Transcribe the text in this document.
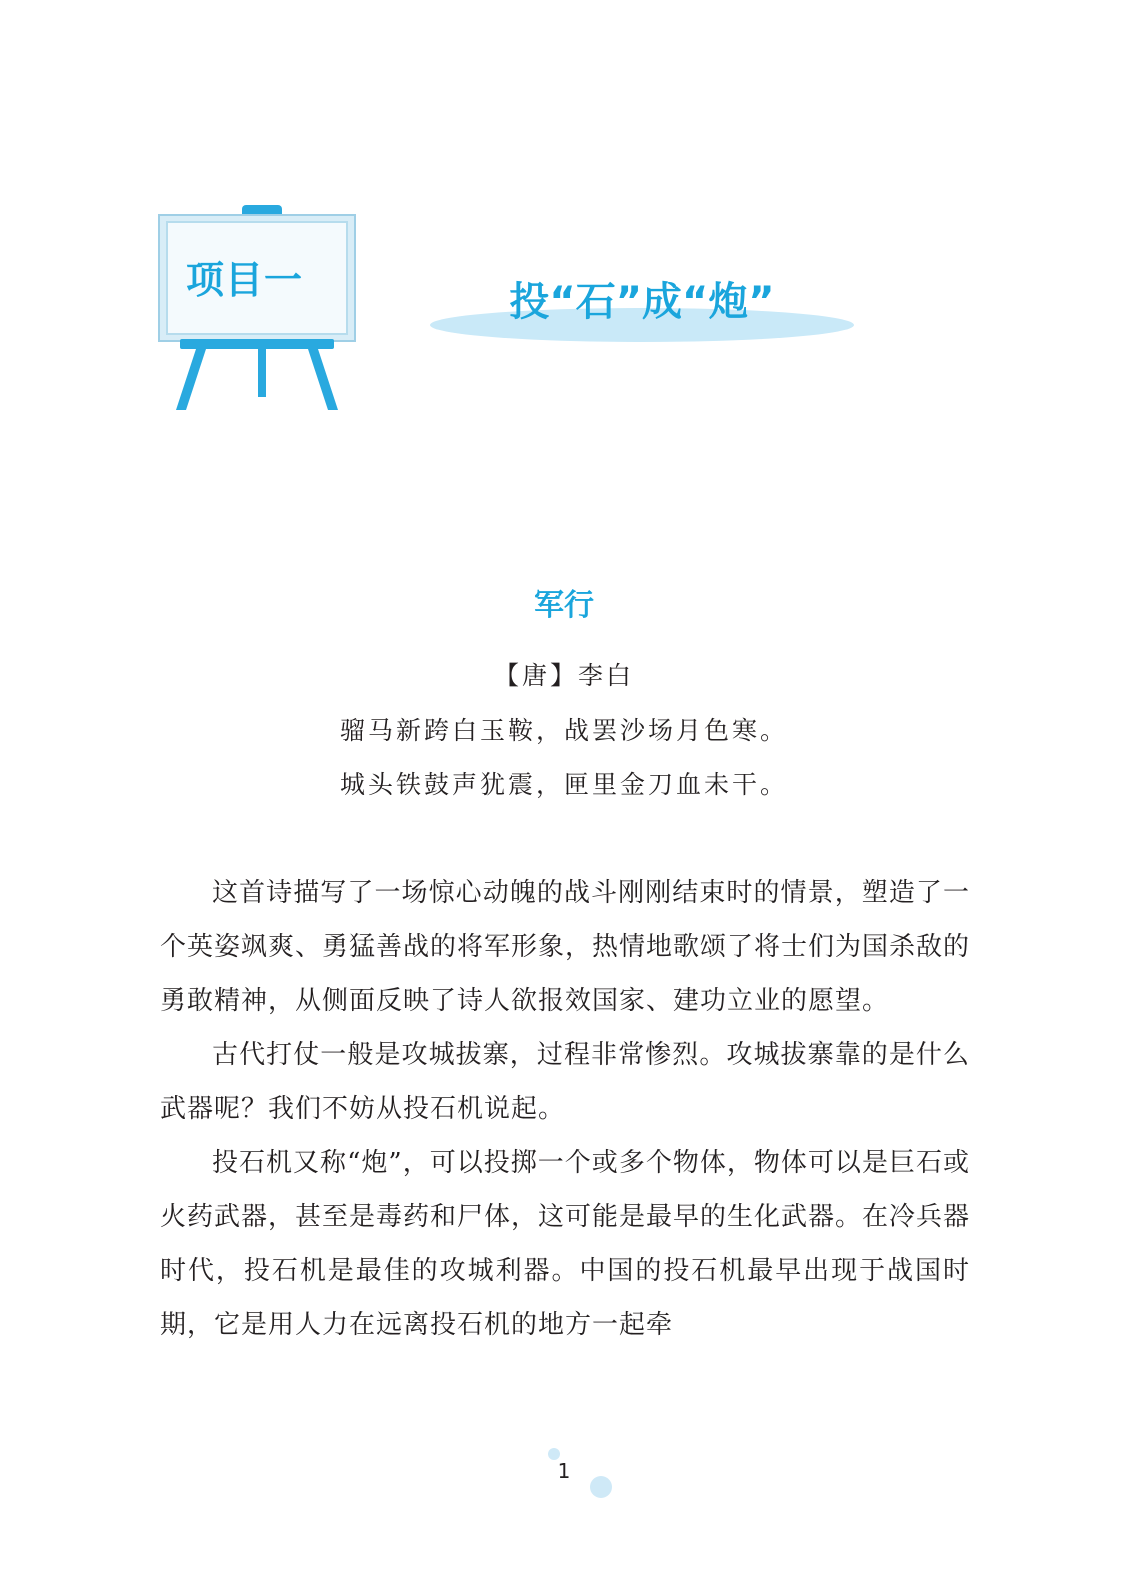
项目一	投“石”成“炮”
军行
【唐】李白
骝马新跨白玉鞍，战罢沙场月色寒。
城头铁鼓声犹震，匣里金刀血未干。

这首诗描写了一场惊心动魄的战斗刚刚结束时的情景，塑造了一个英姿飒爽、勇猛善战的将军形象，热情地歌颂了将士们为国杀敌的勇敢精神，从侧面反映了诗人欲报效国家、建功立业的愿望。

古代打仗一般是攻城拔寨，过程非常惨烈。攻城拔寨靠的是什么武器呢？我们不妨从投石机说起。

投石机又称“炮”，可以投掷一个或多个物体，物体可以是巨石或火药武器，甚至是毒药和尸体，这可能是最早的生化武器。在冷兵器时代，投石机是最佳的攻城利器。中国的投石机最早出现于战国时期，它是用人力在远离投石机的地方一起牵

1
